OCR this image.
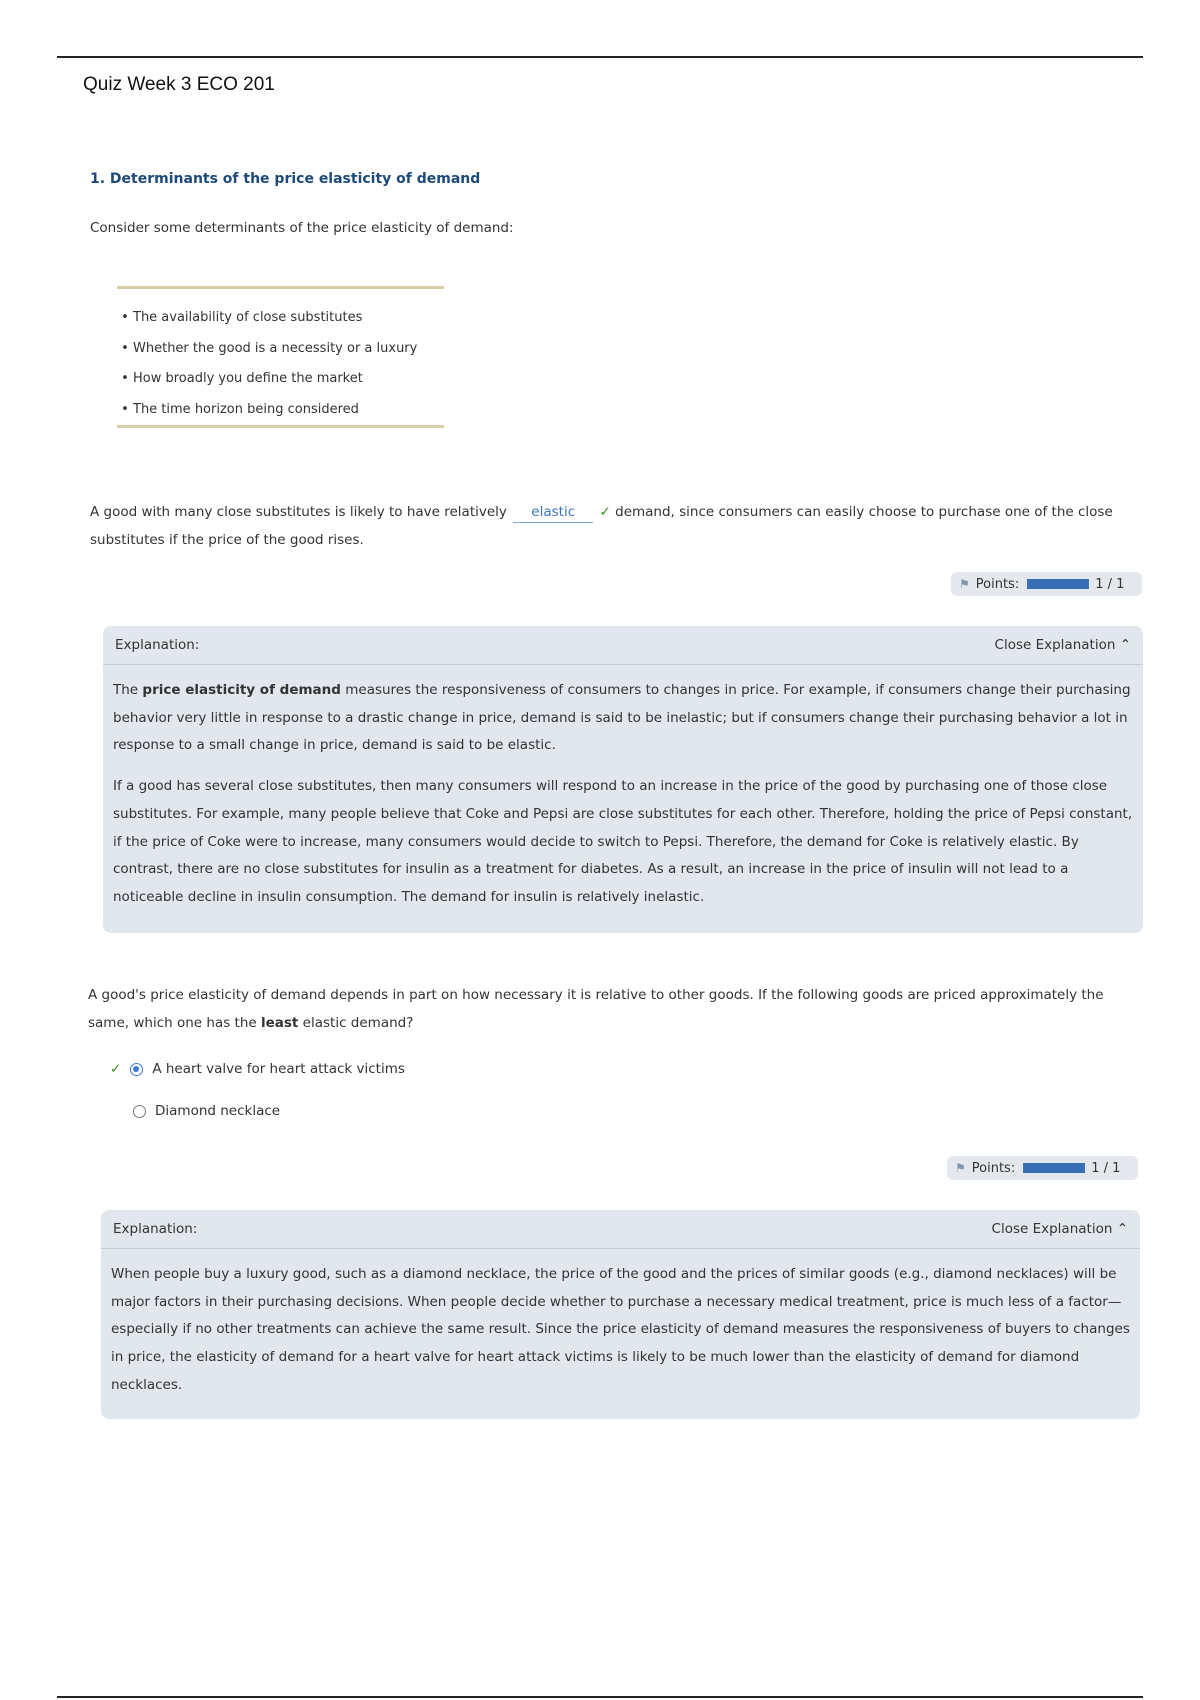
Quiz Week 3 ECO 201
1. Determinants of the price elasticity of demand
Consider some determinants of the price elasticity of demand:
• The availability of close substitutes
• Whether the good is a necessity or a luxury
• How broadly you define the market
• The time horizon being considered
A good with many close substitutes is likely to have relatively elastic ✓ demand, since consumers can easily choose to purchase one of the close substitutes if the price of the good rises.
⚑ Points:	1 / 1
Explanation:	Close Explanation ⌃

The price elasticity of demand measures the responsiveness of consumers to changes in price. For example, if consumers change their purchasing behavior very little in response to a drastic change in price, demand is said to be inelastic; but if consumers change their purchasing behavior a lot in response to a small change in price, demand is said to be elastic.

If a good has several close substitutes, then many consumers will respond to an increase in the price of the good by purchasing one of those close substitutes. For example, many people believe that Coke and Pepsi are close substitutes for each other. Therefore, holding the price of Pepsi constant, if the price of Coke were to increase, many consumers would decide to switch to Pepsi. Therefore, the demand for Coke is relatively elastic. By contrast, there are no close substitutes for insulin as a treatment for diabetes. As a result, an increase in the price of insulin will not lead to a noticeable decline in insulin consumption. The demand for insulin is relatively inelastic.

A good's price elasticity of demand depends in part on how necessary it is relative to other goods. If the following goods are priced approximately the same, which one has the least elastic demand?
✓ A heart valve for heart attack victims
Diamond necklace
⚑ Points:	1 / 1
Explanation:	Close Explanation ⌃

When people buy a luxury good, such as a diamond necklace, the price of the good and the prices of similar goods (e.g., diamond necklaces) will be major factors in their purchasing decisions. When people decide whether to purchase a necessary medical treatment, price is much less of a factor—especially if no other treatments can achieve the same result. Since the price elasticity of demand measures the responsiveness of buyers to changes in price, the elasticity of demand for a heart valve for heart attack victims is likely to be much lower than the elasticity of demand for diamond necklaces.
